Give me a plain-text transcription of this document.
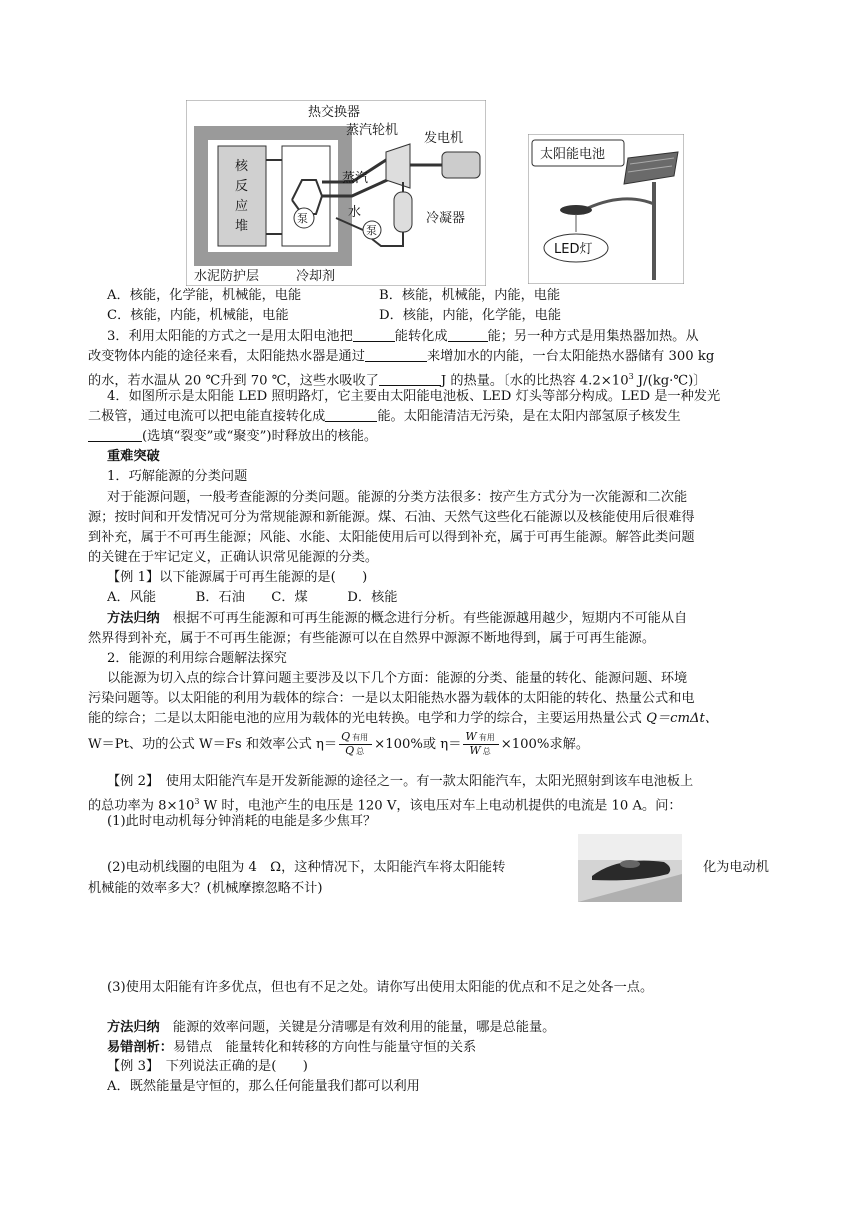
热交换器
蒸汽轮机
发电机
核
反
应
堆
蒸汽
水
泵
泵
冷凝器
水泥防护层	冷却剂
太阳能电池
LED灯
A．核能，化学能，机械能，电能	B．核能，机械能，内能，电能
C．核能，内能，机械能，电能	D．核能，内能，化学能，电能
3．利用太阳能的方式之一是用太阳电池把	能转化成	能；另一种方式是用集热器加热。从
改变物体内能的途径来看，太阳能热水器是通过	来增加水的内能，一台太阳能热水器储有 300 kg
的水，若水温从 20 ℃升到 70 ℃，这些水吸收了	J 的热量。〔水的比热容 $4.2\times 10^3$ J/(kg·℃)〕
4．如图所示是太阳能 LED 照明路灯，它主要由太阳能电池板、LED 灯头等部分构成。LED 是一种发光
二极管，通过电流可以把电能直接转化成	能。太阳能清洁无污染，是在太阳内部氢原子核发生
(选填“裂变”或“聚变”)时释放出的核能。
重难突破
1．巧解能源的分类问题
对于能源问题，一般考查能源的分类问题。能源的分类方法很多：按产生方式分为一次能源和二次能
源；按时间和开发情况可分为常规能源和新能源。煤、石油、天然气这些化石能源以及核能使用后很难得
到补充，属于不可再生能源；风能、水能、太阳能使用后可以得到补充，属于可再生能源。解答此类问题
的关键在于牢记定义，正确认识常见能源的分类。
【例 1】以下能源属于可再生能源的是(　　)
A．风能　　　B．石油　　C．煤　　　D．核能
方法归纳　根据不可再生能源和可再生能源的概念进行分析。有些能源越用越少，短期内不可能从自
然界得到补充，属于不可再生能源；有些能源可以在自然界中源源不断地得到，属于可再生能源。
2．能源的利用综合题解法探究
以能源为切入点的综合计算问题主要涉及以下几个方面：能源的分类、能量的转化、能源问题、环境
污染问题等。以太阳能的利用为载体的综合：一是以太阳能热水器为载体的太阳能的转化、热量公式和电
能的综合；二是以太阳能电池的应用为载体的光电转换。电学和力学的综合，主要运用热量公式 Q＝cmΔt、
W＝Pt、功的公式 W＝Fs 和效率公式 $\eta= \frac{\text{Q 有用}}{\text{Q 总}} \times 100\%$或 $\eta= \frac{\text{W 有用}}{\text{W 总}} \times 100\%$求解。
【例 2】　使用太阳能汽车是开发新能源的途径之一。有一款太阳能汽车，太阳光照射到该车电池板上
的总功率为 $8\times 10^3$ W 时，电池产生的电压是 120 V，该电压对车上电动机提供的电流是 10 A。问：
(1)此时电动机每分钟消耗的电能是多少焦耳？
(2)电动机线圈的电阻为 4　Ω，这种情况下，太阳能汽车将太阳能转	化为电动机
机械能的效率多大？(机械摩擦忽略不计)
(3)使用太阳能有许多优点，但也有不足之处。请你写出使用太阳能的优点和不足之处各一点。
方法归纳　能源的效率问题，关键是分清哪是有效利用的能量，哪是总能量。
易错剖析：易错点　能量转化和转移的方向性与能量守恒的关系
【例 3】　下列说法正确的是(　　)
A．既然能量是守恒的，那么任何能量我们都可以利用
